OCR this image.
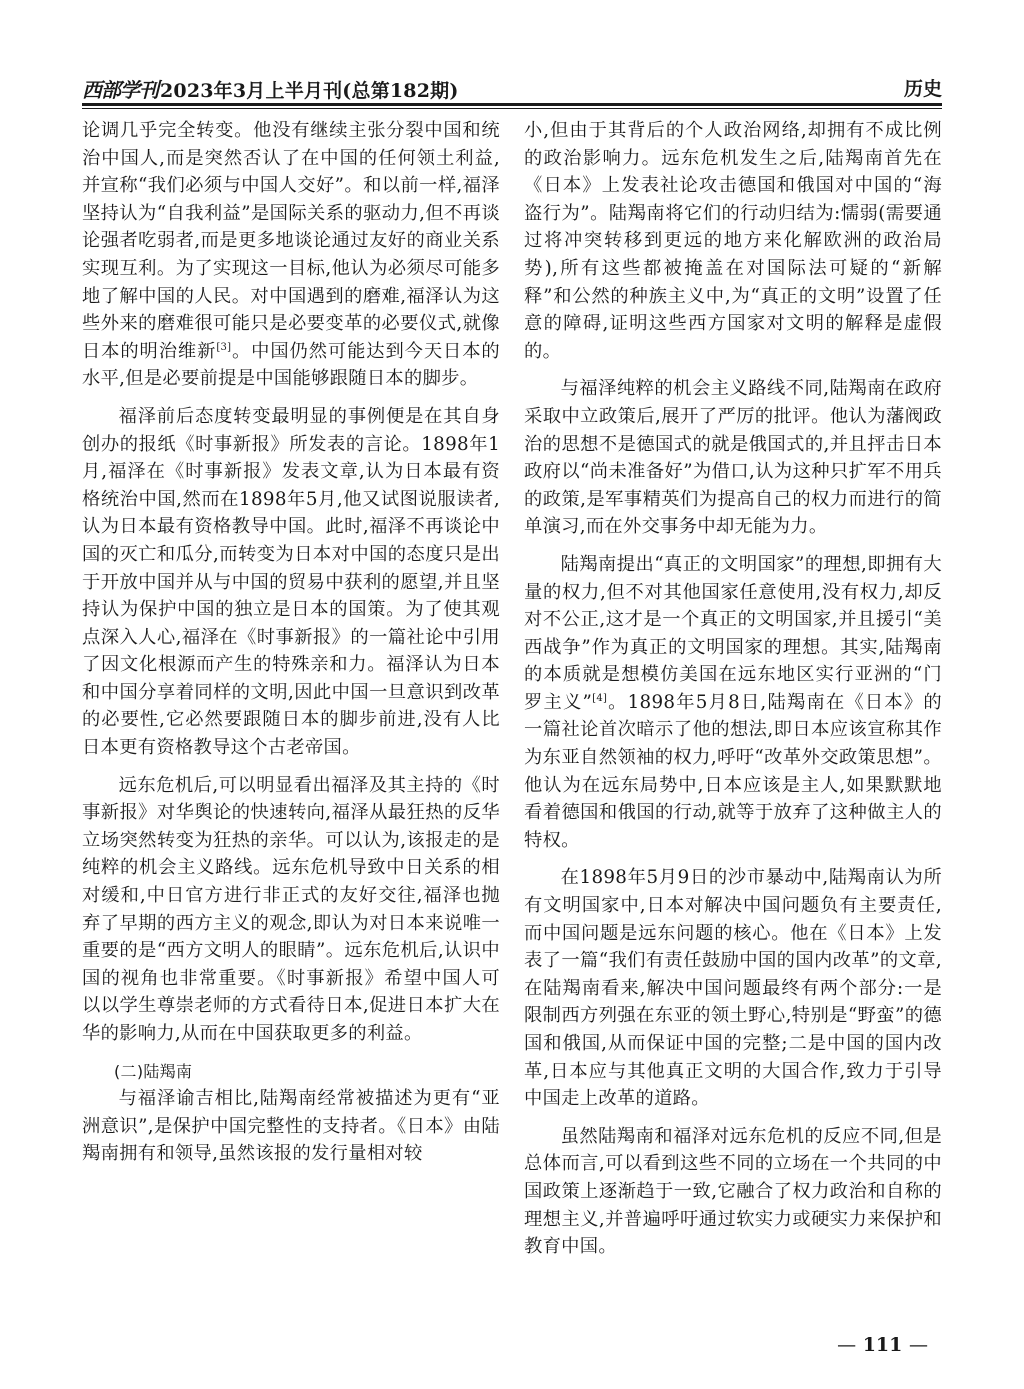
西部学刊 2023年3月上半月刊(总第182期)	历史

论调几乎完全转变。他没有继续主张分裂中国和统治中国人,而是突然否认了在中国的任何领土利益,并宣称“我们必须与中国人交好”。和以前一样,福泽坚持认为“自我利益”是国际关系的驱动力,但不再谈论强者吃弱者,而是更多地谈论通过友好的商业关系实现互利。为了实现这一目标,他认为必须尽可能多地了解中国的人民。对中国遇到的磨难,福泽认为这些外来的磨难很可能只是必要变革的必要仪式,就像日本的明治维新[3]。中国仍然可能达到今天日本的水平,但是必要前提是中国能够跟随日本的脚步。

福泽前后态度转变最明显的事例便是在其自身创办的报纸《时事新报》所发表的言论。1898年1月,福泽在《时事新报》发表文章,认为日本最有资格统治中国,然而在1898年5月,他又试图说服读者,认为日本最有资格教导中国。此时,福泽不再谈论中国的灭亡和瓜分,而转变为日本对中国的态度只是出于开放中国并从与中国的贸易中获利的愿望,并且坚持认为保护中国的独立是日本的国策。为了使其观点深入人心,福泽在《时事新报》的一篇社论中引用了因文化根源而产生的特殊亲和力。福泽认为日本和中国分享着同样的文明,因此中国一旦意识到改革的必要性,它必然要跟随日本的脚步前进,没有人比日本更有资格教导这个古老帝国。

远东危机后,可以明显看出福泽及其主持的《时事新报》对华舆论的快速转向,福泽从最狂热的反华立场突然转变为狂热的亲华。可以认为,该报走的是纯粹的机会主义路线。远东危机导致中日关系的相对缓和,中日官方进行非正式的友好交往,福泽也抛弃了早期的西方主义的观念,即认为对日本来说唯一重要的是“西方文明人的眼睛”。远东危机后,认识中国的视角也非常重要。《时事新报》希望中国人可以以学生尊崇老师的方式看待日本,促进日本扩大在华的影响力,从而在中国获取更多的利益。

(二)陆羯南

与福泽谕吉相比,陆羯南经常被描述为更有“亚洲意识”,是保护中国完整性的支持者。《日本》由陆羯南拥有和领导,虽然该报的发行量相对较

小,但由于其背后的个人政治网络,却拥有不成比例的政治影响力。远东危机发生之后,陆羯南首先在《日本》上发表社论攻击德国和俄国对中国的“海盗行为”。陆羯南将它们的行动归结为:懦弱(需要通过将冲突转移到更远的地方来化解欧洲的政治局势),所有这些都被掩盖在对国际法可疑的“新解释”和公然的种族主义中,为“真正的文明”设置了任意的障碍,证明这些西方国家对文明的解释是虚假的。

与福泽纯粹的机会主义路线不同,陆羯南在政府采取中立政策后,展开了严厉的批评。他认为藩阀政治的思想不是德国式的就是俄国式的,并且抨击日本政府以“尚未准备好”为借口,认为这种只扩军不用兵的政策,是军事精英们为提高自己的权力而进行的简单演习,而在外交事务中却无能为力。

陆羯南提出“真正的文明国家”的理想,即拥有大量的权力,但不对其他国家任意使用,没有权力,却反对不公正,这才是一个真正的文明国家,并且援引“美西战争”作为真正的文明国家的理想。其实,陆羯南的本质就是想模仿美国在远东地区实行亚洲的“门罗主义”[4]。1898年5月8日,陆羯南在《日本》的一篇社论首次暗示了他的想法,即日本应该宣称其作为东亚自然领袖的权力,呼吁“改革外交政策思想”。他认为在远东局势中,日本应该是主人,如果默默地看着德国和俄国的行动,就等于放弃了这种做主人的特权。

在1898年5月9日的沙市暴动中,陆羯南认为所有文明国家中,日本对解决中国问题负有主要责任,而中国问题是远东问题的核心。他在《日本》上发表了一篇“我们有责任鼓励中国的国内改革”的文章,在陆羯南看来,解决中国问题最终有两个部分:一是限制西方列强在东亚的领土野心,特别是“野蛮”的德国和俄国,从而保证中国的完整;二是中国的国内改革,日本应与其他真正文明的大国合作,致力于引导中国走上改革的道路。

虽然陆羯南和福泽对远东危机的反应不同,但是总体而言,可以看到这些不同的立场在一个共同的中国政策上逐渐趋于一致,它融合了权力政治和自称的理想主义,并普遍呼吁通过软实力或硬实力来保护和教育中国。

— 111 —
